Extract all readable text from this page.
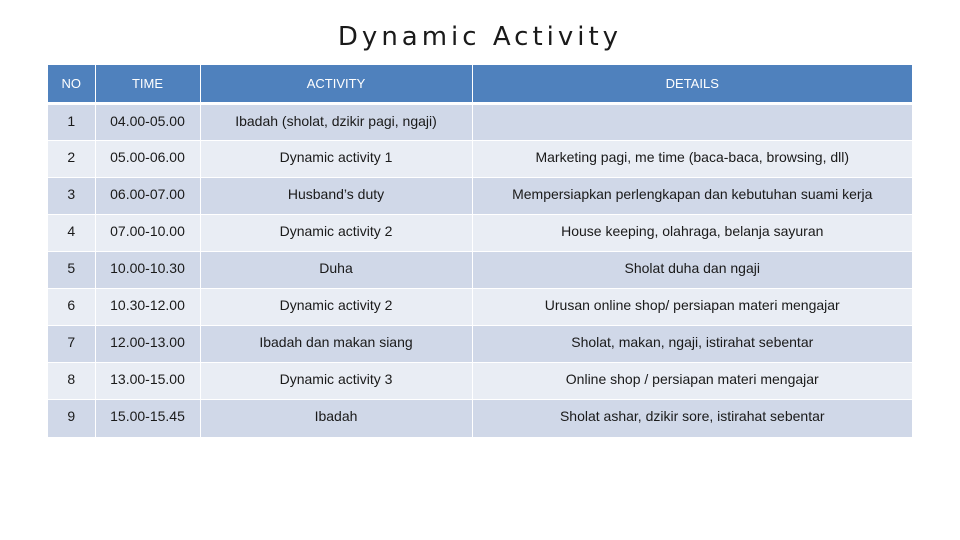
Dynamic Activity
NO	TIME	ACTIVITY	DETAILS
1	04.00-05.00	Ibadah (sholat, dzikir pagi, ngaji)	
2	05.00-06.00	Dynamic activity 1	Marketing pagi, me time (baca-baca, browsing, dll)
3	06.00-07.00	Husband’s duty	Mempersiapkan perlengkapan dan kebutuhan suami kerja
4	07.00-10.00	Dynamic activity 2	House keeping, olahraga, belanja sayuran
5	10.00-10.30	Duha	Sholat duha dan ngaji
6	10.30-12.00	Dynamic activity 2	Urusan online shop/ persiapan materi mengajar
7	12.00-13.00	Ibadah dan makan siang	Sholat, makan, ngaji, istirahat sebentar
8	13.00-15.00	Dynamic activity 3	Online shop / persiapan materi mengajar
9	15.00-15.45	Ibadah	Sholat ashar, dzikir sore, istirahat sebentar
